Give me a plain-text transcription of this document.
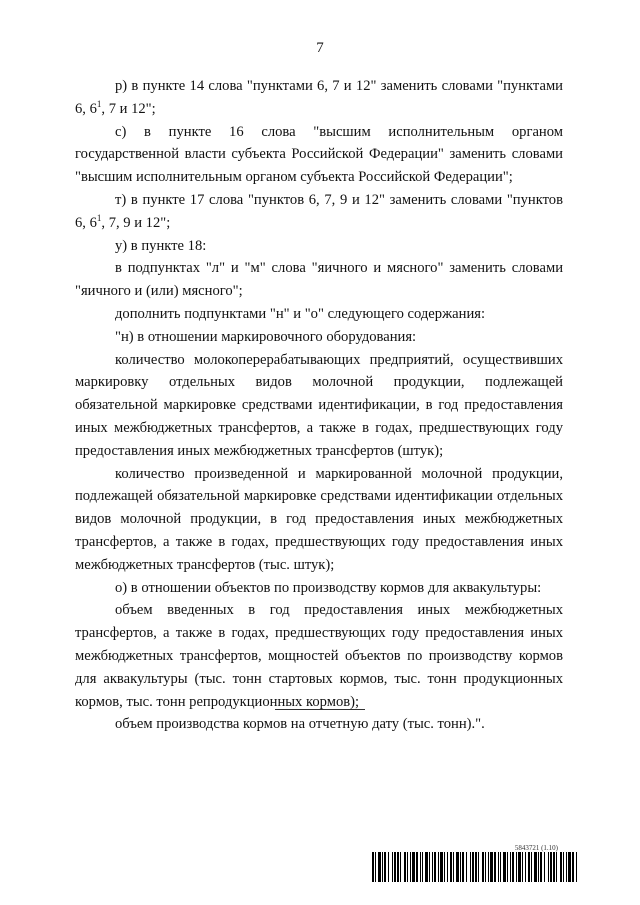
7

р) в пункте 14 слова "пунктами 6, 7 и 12" заменить словами "пунктами 6, $6^1$, 7 и 12";

с) в пункте 16 слова "высшим исполнительным органом государственной власти субъекта Российской Федерации" заменить словами "высшим исполнительным органом субъекта Российской Федерации";

т) в пункте 17 слова "пунктов 6, 7, 9 и 12" заменить словами "пунктов 6, $6^1$, 7, 9 и 12";

у) в пункте 18:

в подпунктах "л" и "м" слова "яичного и мясного" заменить словами "яичного и (или) мясного";

дополнить подпунктами "н" и "о" следующего содержания:

"н) в отношении маркировочного оборудования:

количество молокоперерабатывающих предприятий, осуществивших маркировку отдельных видов молочной продукции, подлежащей обязательной маркировке средствами идентификации, в год предоставления иных межбюджетных трансфертов, а также в годах, предшествующих году предоставления иных межбюджетных трансфертов (штук);

количество произведенной и маркированной молочной продукции, подлежащей обязательной маркировке средствами идентификации отдельных видов молочной продукции, в год предоставления иных межбюджетных трансфертов, а также в годах, предшествующих году предоставления иных межбюджетных трансфертов (тыс. штук);

о) в отношении объектов по производству кормов для аквакультуры:

объем введенных в год предоставления иных межбюджетных трансфертов, а также в годах, предшествующих году предоставления иных межбюджетных трансфертов, мощностей объектов по производству кормов для аквакультуры (тыс. тонн стартовых кормов, тыс. тонн продукционных кормов, тыс. тонн репродукционных кормов);

объем производства кормов на отчетную дату (тыс. тонн).".

5843721 (1.10)
